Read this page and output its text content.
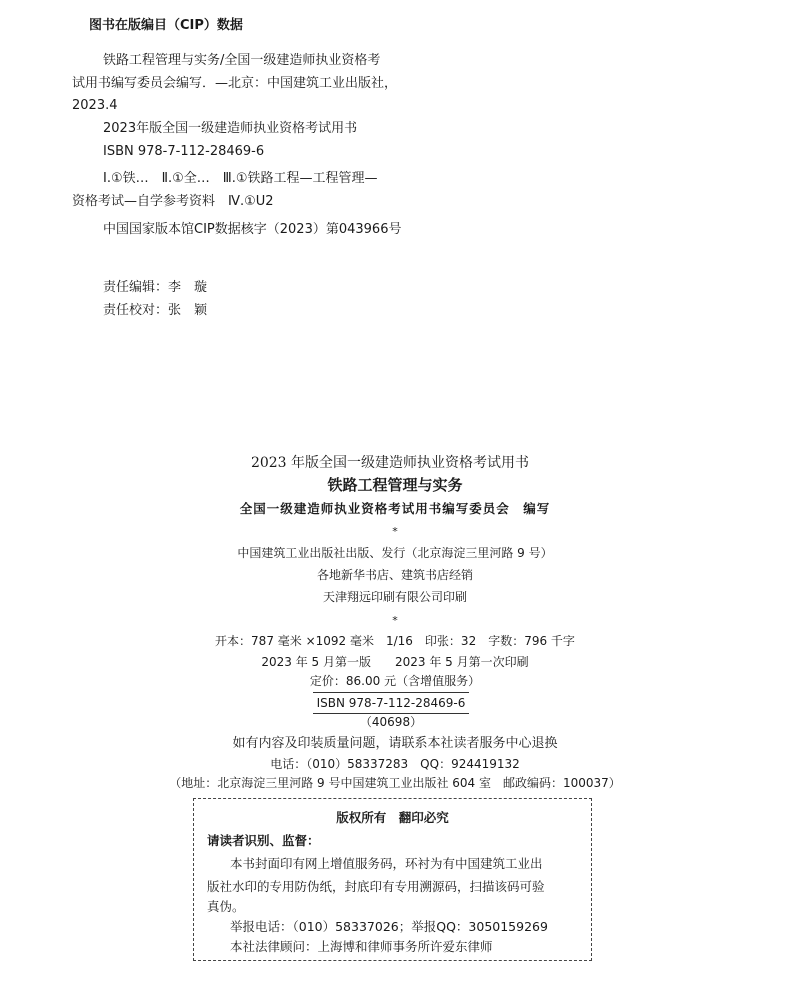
图书在版编目（CIP）数据
铁路工程管理与实务/全国一级建造师执业资格考
试用书编写委员会编写．—北京：中国建筑工业出版社，
2023.4
2023年版全国一级建造师执业资格考试用书
ISBN 978-7-112-28469-6
Ⅰ.①铁…　Ⅱ.①全…　Ⅲ.①铁路工程—工程管理—
资格考试—自学参考资料　Ⅳ.①U2
中国国家版本馆CIP数据核字（2023）第043966号
责任编辑：李　璇
责任校对：张　颖
2023 年版全国一级建造师执业资格考试用书
铁路工程管理与实务
全国一级建造师执业资格考试用书编写委员会　编写
*
中国建筑工业出版社出版、发行（北京海淀三里河路 9 号）
各地新华书店、建筑书店经销
天津翔远印刷有限公司印刷
*
开本：787 毫米 ×1092 毫米　1/16　印张：32　字数：796 千字
2023 年 5 月第一版　　2023 年 5 月第一次印刷
定价：86.00 元（含增值服务）
ISBN 978-7-112-28469-6
（40698）
如有内容及印装质量问题，请联系本社读者服务中心退换
电话：（010）58337283　QQ：924419132
（地址：北京海淀三里河路 9 号中国建筑工业出版社 604 室　邮政编码：100037）
版权所有　翻印必究
请读者识别、监督：
本书封面印有网上增值服务码，环衬为有中国建筑工业出
版社水印的专用防伪纸，封底印有专用溯源码，扫描该码可验
真伪。
举报电话：（010）58337026；举报QQ：3050159269
本社法律顾问：上海博和律师事务所许爱东律师
